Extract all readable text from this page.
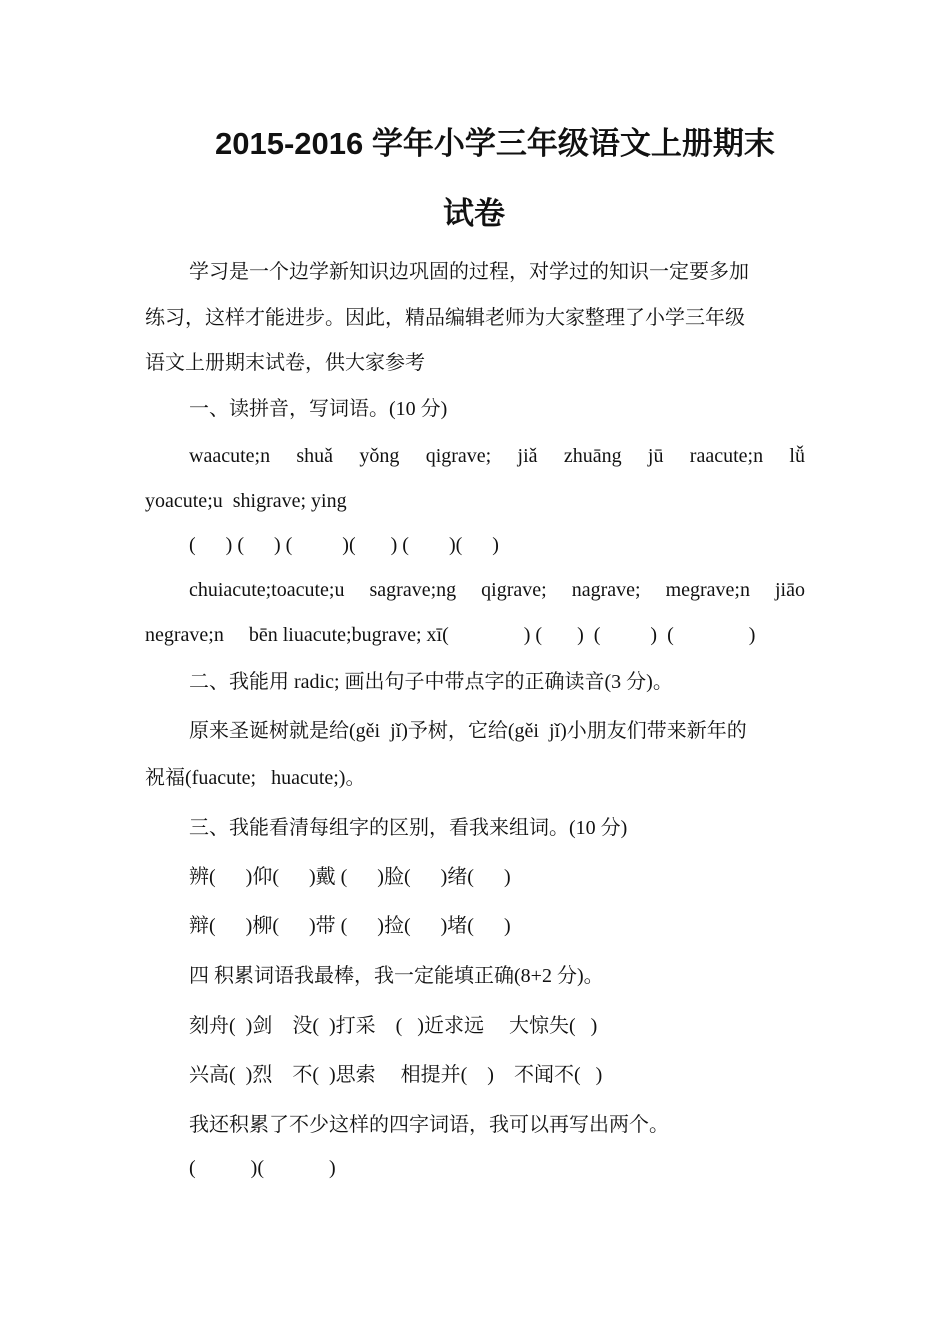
2015-2016 学年小学三年级语文上册期末
试卷
学习是一个边学新知识边巩固的过程，对学过的知识一定要多加
练习，这样才能进步。因此，精品编辑老师为大家整理了小学三年级
语文上册期末试卷，供大家参考
一、读拼音，写词语。(10 分)
waacute;n shuǎ yǒng qigrave; jiǎ zhuāng jū raacute;n lǚ
yoacute;u  shigrave; ying
(      ) (      ) (          )(       ) (        )(      )
chuiacute;toacute;u sagrave;ng qigrave; nagrave; megrave;n jiāo
negrave;n     bēn liuacute;bugrave; xī(               ) (       )  (          )  (               )
二、我能用 radic; 画出句子中带点字的正确读音(3 分)。
原来圣诞树就是给(gěi  jǐ)予树，它给(gěi  jǐ)小朋友们带来新年的
祝福(fuacute;   huacute;)。
三、我能看清每组字的区别，看我来组词。(10 分)
辨(      )仰(      )戴 (      )脸(      )绪(      )
辩(      )柳(      )带 (      )捡(      )堵(      )
四 积累词语我最棒，我一定能填正确(8+2 分)。
刻舟(  )剑    没(  )打采    (   )近求远     大惊失(   )
兴高(  )烈    不(  )思索     相提并(    )    不闻不(   )
我还积累了不少这样的四字词语，我可以再写出两个。
(           )(             )
